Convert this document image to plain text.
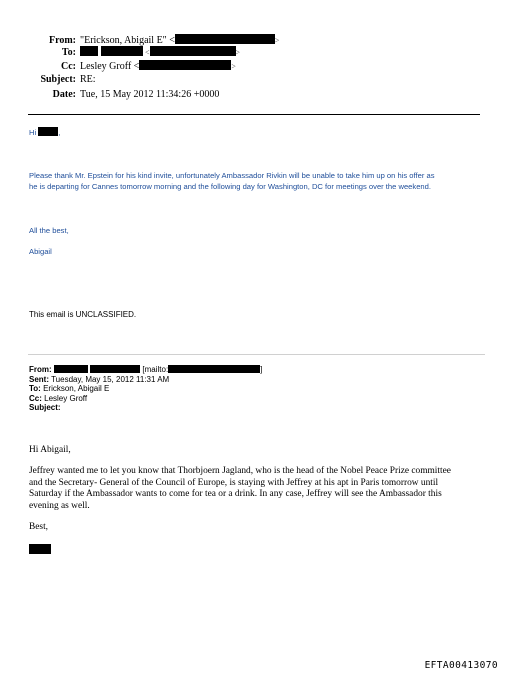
From: "Erickson, Abigail E" <	>
To:	<	>
Cc: Lesley Groff <	>
Subject: RE:
Date: Tue, 15 May 2012 11:34:26 +0000
Hi	,
Please thank Mr. Epstein for his kind invite, unfortunately Ambassador Rivkin will be unable to take him up on his offer as
he is departing for Cannes tomorrow morning and the following day for Washington, DC for meetings over the weekend.
All the best,
Abigail
This email is UNCLASSIFIED.
From:	[mailto:	]
Sent: Tuesday, May 15, 2012 11:31 AM
To: Erickson, Abigail E
Cc: Lesley Groff
Subject:
Hi Abigail,
Jeffrey wanted me to let you know that Thorbjoern Jagland, who is the head of the Nobel Peace Prize committee
and the Secretary- General of the Council of Europe, is staying with Jeffrey at his apt in Paris tomorrow until
Saturday if the Ambassador wants to come for tea or a drink. In any case, Jeffrey will see the Ambassador this
evening as well.
Best,
EFTA00413070
